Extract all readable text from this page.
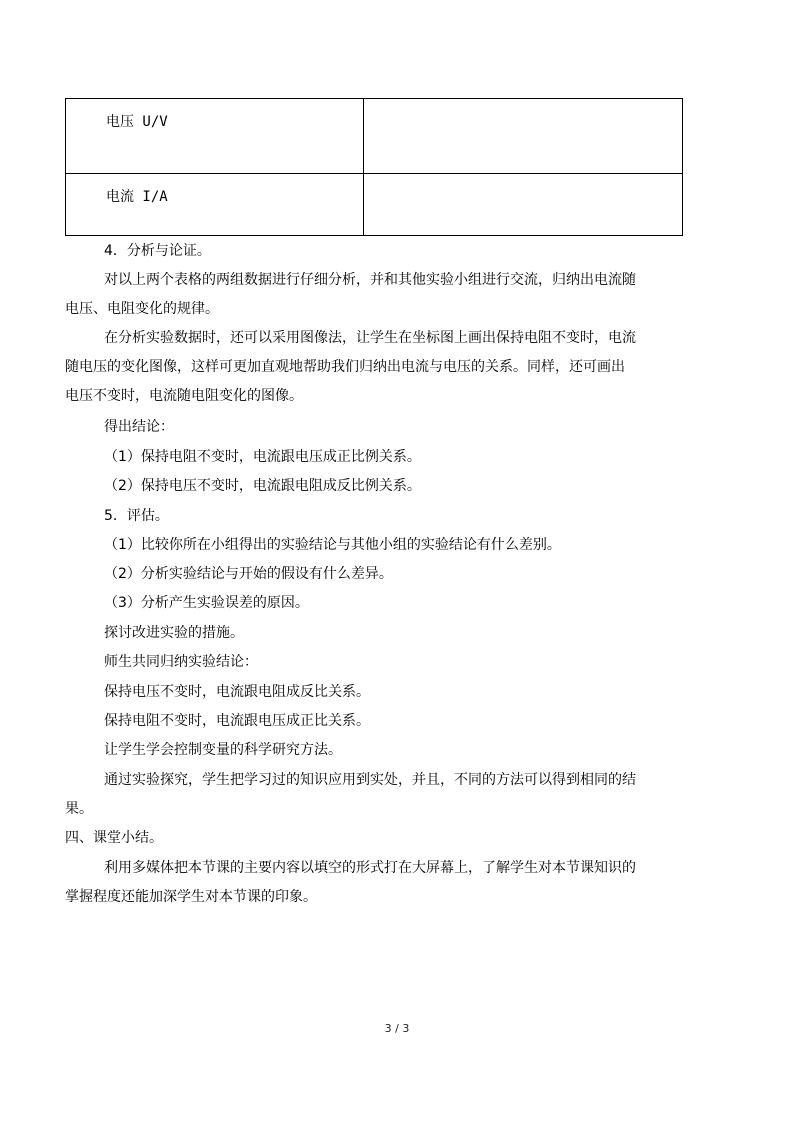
电压 U/V	
电流 I/A	

4．分析与论证。

对以上两个表格的两组数据进行仔细分析，并和其他实验小组进行交流，归纳出电流随

电压、电阻变化的规律。

在分析实验数据时，还可以采用图像法，让学生在坐标图上画出保持电阻不变时，电流

随电压的变化图像，这样可更加直观地帮助我们归纳出电流与电压的关系。同样，还可画出

电压不变时，电流随电阻变化的图像。

得出结论：

（1）保持电阻不变时，电流跟电压成正比例关系。

（2）保持电压不变时，电流跟电阻成反比例关系。

5．评估。

（1）比较你所在小组得出的实验结论与其他小组的实验结论有什么差别。

（2）分析实验结论与开始的假设有什么差异。

（3）分析产生实验误差的原因。

探讨改进实验的措施。

师生共同归纳实验结论：

保持电压不变时，电流跟电阻成反比关系。

保持电阻不变时，电流跟电压成正比关系。

让学生学会控制变量的科学研究方法。

通过实验探究，学生把学习过的知识应用到实处，并且，不同的方法可以得到相同的结

果。

四、课堂小结。

利用多媒体把本节课的主要内容以填空的形式打在大屏幕上，了解学生对本节课知识的

掌握程度还能加深学生对本节课的印象。

3 / 3
